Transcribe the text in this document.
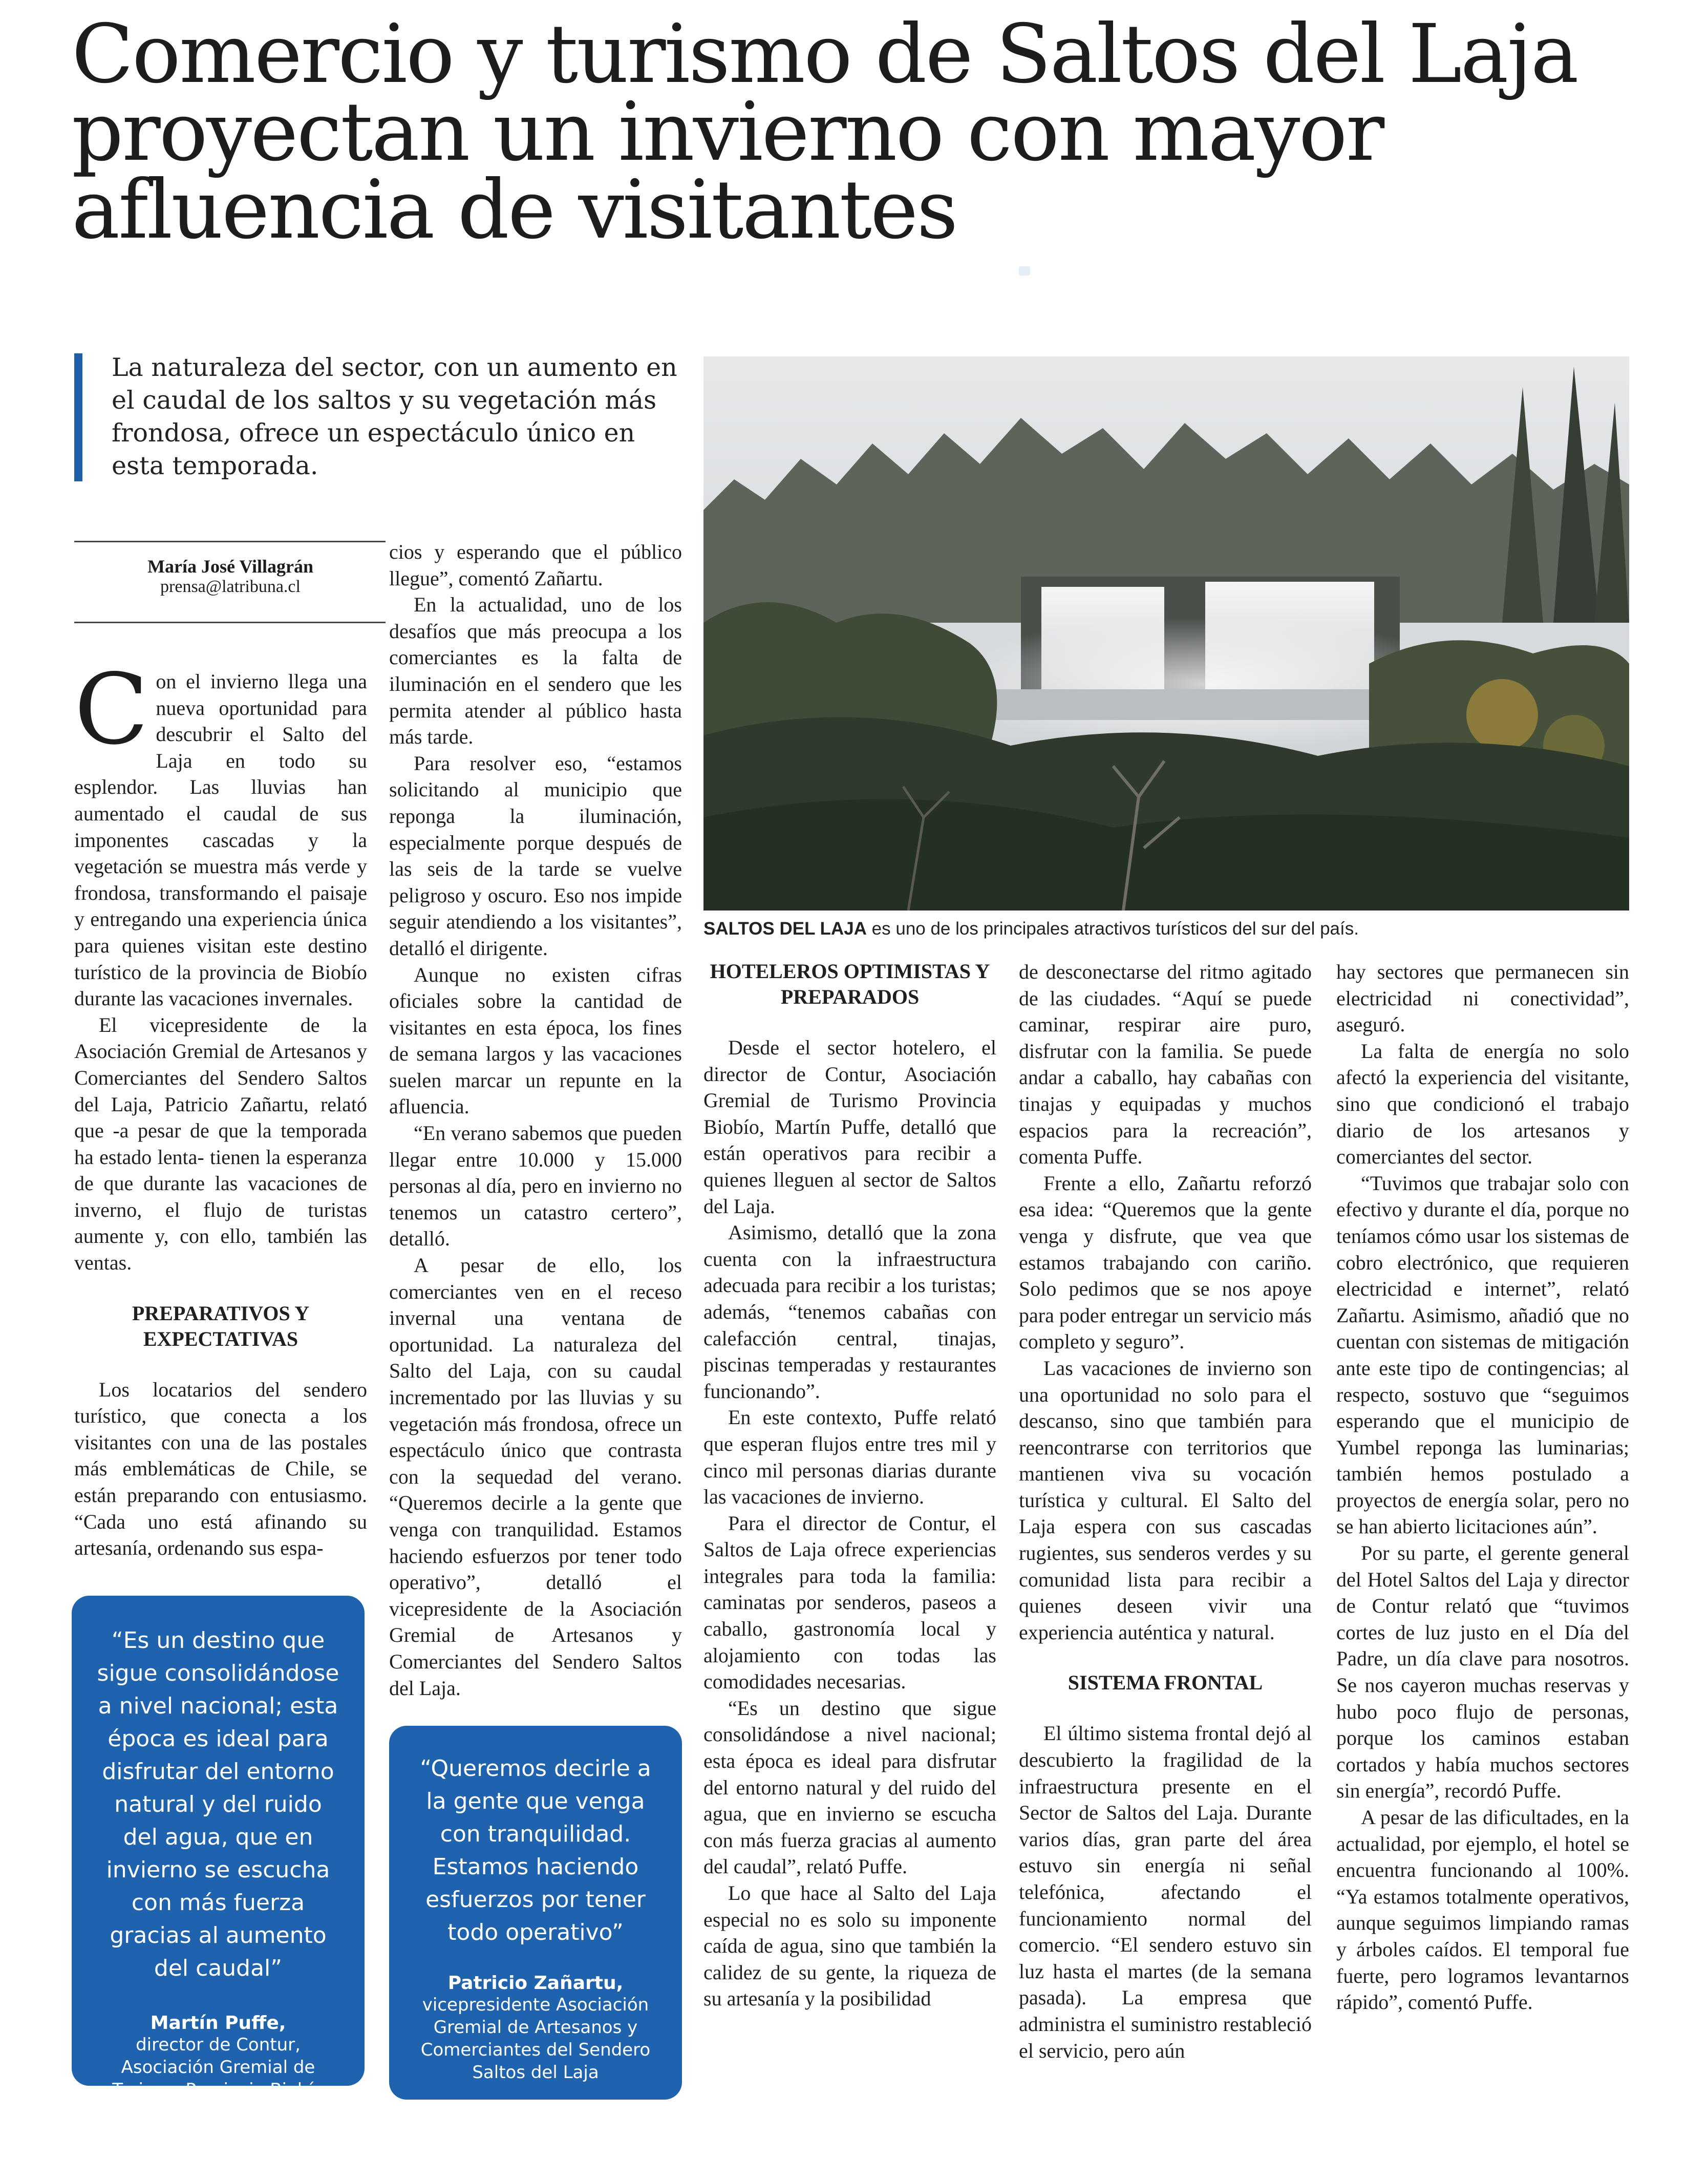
Comercio y turismo de Saltos del Laja proyectan un invierno con mayor afluencia de visitantes

La naturaleza del sector, con un aumento en el caudal de los saltos y su vegetación más frondosa, ofrece un espectáculo único en esta temporada.

María José Villagrán
prensa@latribuna.cl
SALTOS DEL LAJA es uno de los principales atractivos turísticos del sur del país.

Con el invierno llega una nueva oportunidad para descubrir el Salto del Laja en todo su esplendor. Las lluvias han aumentado el caudal de sus imponentes cascadas y la vegetación se muestra más verde y frondosa, transformando el paisaje y entregando una experiencia única para quienes visitan este destino turístico de la provincia de Biobío durante las vacaciones invernales.

El vicepresidente de la Asociación Gremial de Artesanos y Comerciantes del Sendero Saltos del Laja, Patricio Zañartu, relató que -a pesar de que la temporada ha estado lenta- tienen la esperanza de que durante las vacaciones de inverno, el flujo de turistas aumente y, con ello, también las ventas.

PREPARATIVOS Y EXPECTATIVAS

Los locatarios del sendero turístico, que conecta a los visitantes con una de las postales más emblemáticas de Chile, se están preparando con entusiasmo. “Cada uno está afinando su artesanía, ordenando sus espa-

cios y esperando que el público llegue”, comentó Zañartu.

En la actualidad, uno de los desafíos que más preocupa a los comerciantes es la falta de iluminación en el sendero que les permita atender al público hasta más tarde.

Para resolver eso, “estamos solicitando al municipio que reponga la iluminación, especialmente porque después de las seis de la tarde se vuelve peligroso y oscuro. Eso nos impide seguir atendiendo a los visitantes”, detalló el dirigente.

Aunque no existen cifras oficiales sobre la cantidad de visitantes en esta época, los fines de semana largos y las vacaciones suelen marcar un repunte en la afluencia.

“En verano sabemos que pueden llegar entre 10.000 y 15.000 personas al día, pero en invierno no tenemos un catastro certero”, detalló.

A pesar de ello, los comerciantes ven en el receso invernal una ventana de oportunidad. La naturaleza del Salto del Laja, con su caudal incrementado por las lluvias y su vegetación más frondosa, ofrece un espectáculo único que contrasta con la sequedad del verano. “Queremos decirle a la gente que venga con tranquilidad. Estamos haciendo esfuerzos por tener todo operativo”, detalló el vicepresidente de la Asociación Gremial de Artesanos y Comerciantes del Sendero Saltos del Laja.

HOTELEROS OPTIMISTAS Y PREPARADOS

Desde el sector hotelero, el director de Contur, Asociación Gremial de Turismo Provincia Biobío, Martín Puffe, detalló que están operativos para recibir a quienes lleguen al sector de Saltos del Laja.

Asimismo, detalló que la zona cuenta con la infraestructura adecuada para recibir a los turistas; además, “tenemos cabañas con calefacción central, tinajas, piscinas temperadas y restaurantes funcionando”.

En este contexto, Puffe relató que esperan flujos entre tres mil y cinco mil personas diarias durante las vacaciones de invierno.

Para el director de Contur, el Saltos de Laja ofrece experiencias integrales para toda la familia: caminatas por senderos, paseos a caballo, gastronomía local y alojamiento con todas las comodidades necesarias.

“Es un destino que sigue consolidándose a nivel nacional; esta época es ideal para disfrutar del entorno natural y del ruido del agua, que en invierno se escucha con más fuerza gracias al aumento del caudal”, relató Puffe.

Lo que hace al Salto del Laja especial no es solo su imponente caída de agua, sino que también la calidez de su gente, la riqueza de su artesanía y la posibilidad

de desconectarse del ritmo agitado de las ciudades. “Aquí se puede caminar, respirar aire puro, disfrutar con la familia. Se puede andar a caballo, hay cabañas con tinajas y equipadas y muchos espacios para la recreación”, comenta Puffe.

Frente a ello, Zañartu reforzó esa idea: “Queremos que la gente venga y disfrute, que vea que estamos trabajando con cariño. Solo pedimos que se nos apoye para poder entregar un servicio más completo y seguro”.

Las vacaciones de invierno son una oportunidad no solo para el descanso, sino que también para reencontrarse con territorios que mantienen viva su vocación turística y cultural. El Salto del Laja espera con sus cascadas rugientes, sus senderos verdes y su comunidad lista para recibir a quienes deseen vivir una experiencia auténtica y natural.

SISTEMA FRONTAL

El último sistema frontal dejó al descubierto la fragilidad de la infraestructura presente en el Sector de Saltos del Laja. Durante varios días, gran parte del área estuvo sin energía ni señal telefónica, afectando el funcionamiento normal del comercio. “El sendero estuvo sin luz hasta el martes (de la semana pasada). La empresa que administra el suministro restableció el servicio, pero aún

hay sectores que permanecen sin electricidad ni conectividad”, aseguró.

La falta de energía no solo afectó la experiencia del visitante, sino que condicionó el trabajo diario de los artesanos y comerciantes del sector.

“Tuvimos que trabajar solo con efectivo y durante el día, porque no teníamos cómo usar los sistemas de cobro electrónico, que requieren electricidad e internet”, relató Zañartu. Asimismo, añadió que no cuentan con sistemas de mitigación ante este tipo de contingencias; al respecto, sostuvo que “seguimos esperando que el municipio de Yumbel reponga las luminarias; también hemos postulado a proyectos de energía solar, pero no se han abierto licitaciones aún”.

Por su parte, el gerente general del Hotel Saltos del Laja y director de Contur relató que “tuvimos cortes de luz justo en el Día del Padre, un día clave para nosotros. Se nos cayeron muchas reservas y hubo poco flujo de personas, porque los caminos estaban cortados y había muchos sectores sin energía”, recordó Puffe.

A pesar de las dificultades, en la actualidad, por ejemplo, el hotel se encuentra funcionando al 100%. “Ya estamos totalmente operativos, aunque seguimos limpiando ramas y árboles caídos. El temporal fue fuerte, pero logramos levantarnos rápido”, comentó Puffe.

“Es un destino que sigue consolidándose a nivel nacional; esta época es ideal para disfrutar del entorno natural y del ruido del agua, que en invierno se escucha con más fuerza gracias al aumento del caudal”
Martín Puffe,
director de Contur, Asociación Gremial de Turismo Provincia Biobío
“Queremos decirle a la gente que venga con tranquilidad. Estamos haciendo esfuerzos por tener todo operativo”
Patricio Zañartu,
vicepresidente Asociación Gremial de Artesanos y Comerciantes del Sendero Saltos del Laja
